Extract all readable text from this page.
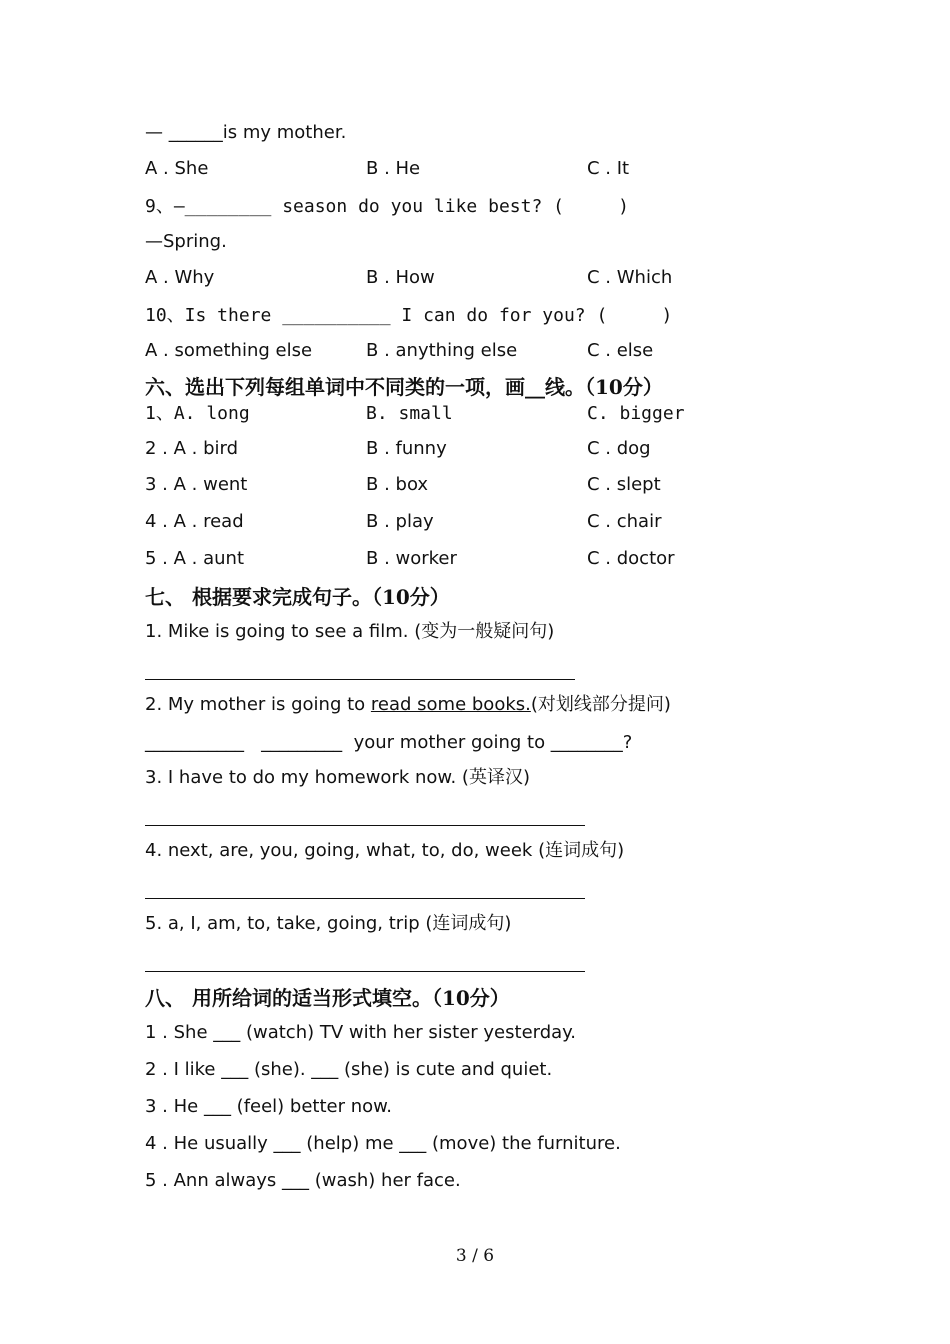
— ______is my mother.
A . She	B . He	C . It
9、—________ season do you like best? (     )
—Spring.
A . Why	B . How	C . Which
10、Is there __________ I can do for you? (     )
A . something else	B . anything else	C . else
六、选出下列每组单词中不同类的一项，画__线。（10分）
1、A. long	B. small	C. bigger
2 . A . bird	B . funny	C . dog
3 . A . went	B . box	C . slept
4 . A . read	B . play	C . chair
5 . A . aunt	B . worker	C . doctor
七、 根据要求完成句子。（10分）
1. Mike is going to see a film. (变为一般疑问句)
2. My mother is going to read some books.(对划线部分提问)
___________   _________  your mother going to ________?
3. I have to do my homework now. (英译汉)
4. next, are, you, going, what, to, do, week (连词成句)
5. a, I, am, to, take, going, trip (连词成句)
八、 用所给词的适当形式填空。（10分）
1 . She ___ (watch) TV with her sister yesterday.
2 . I like ___ (she). ___ (she) is cute and quiet.
3 . He ___ (feel) better now.
4 . He usually ___ (help) me ___ (move) the furniture.
5 . Ann always ___ (wash) her face.
3 / 6
